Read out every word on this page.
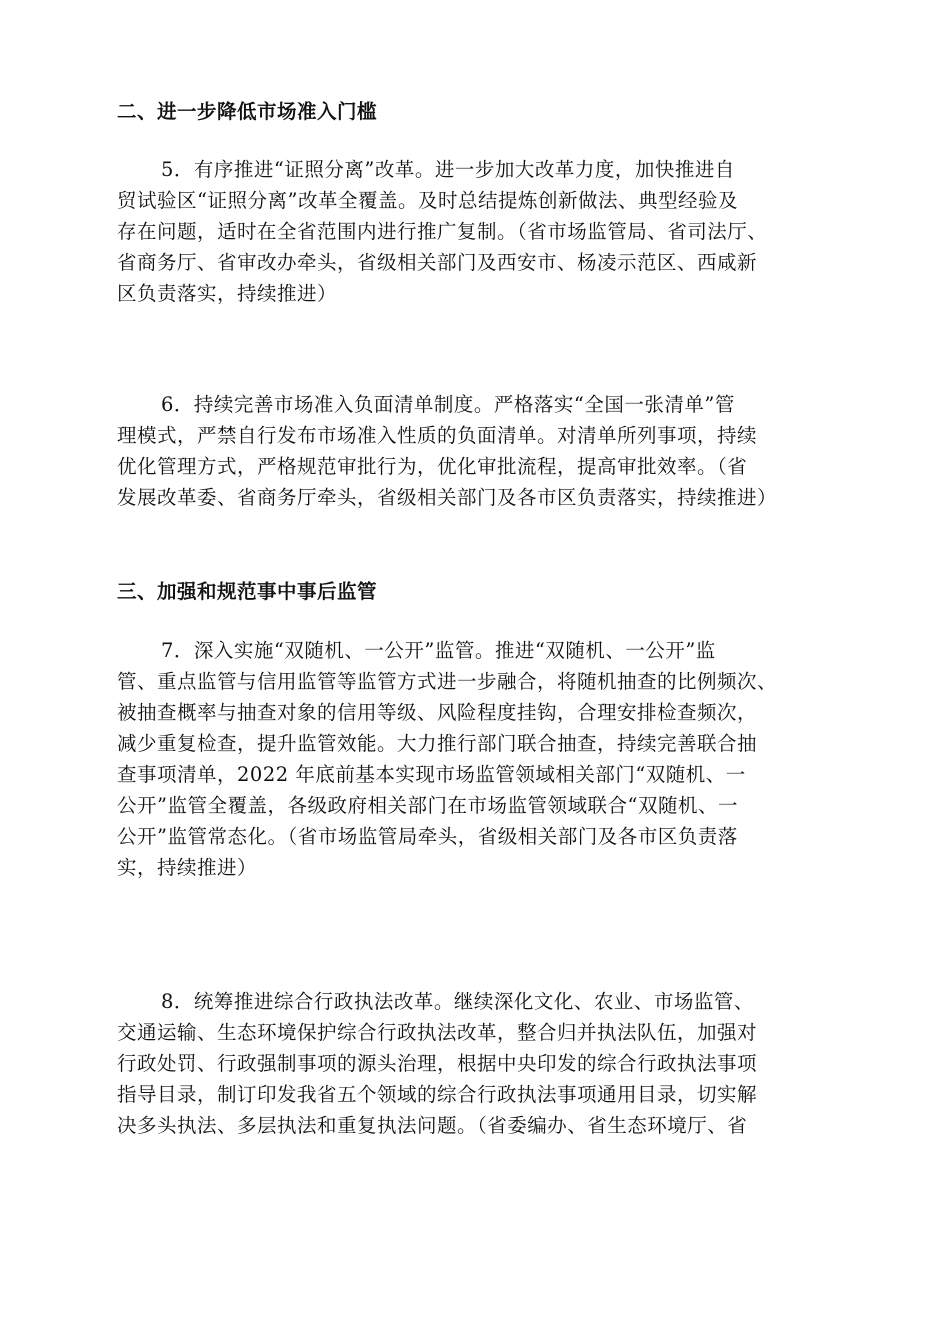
二、进一步降低市场准入门槛
5．有序推进“证照分离”改革。进一步加大改革力度，加快推进自
贸试验区“证照分离”改革全覆盖。及时总结提炼创新做法、典型经验及
存在问题，适时在全省范围内进行推广复制。（省市场监管局、省司法厅、
省商务厅、省审改办牵头，省级相关部门及西安市、杨凌示范区、西咸新
区负责落实，持续推进）
6．持续完善市场准入负面清单制度。严格落实“全国一张清单”管
理模式，严禁自行发布市场准入性质的负面清单。对清单所列事项，持续
优化管理方式，严格规范审批行为，优化审批流程，提高审批效率。（省
发展改革委、省商务厅牵头，省级相关部门及各市区负责落实，持续推进）
三、加强和规范事中事后监管
7．深入实施“双随机、一公开”监管。推进“双随机、一公开”监
管、重点监管与信用监管等监管方式进一步融合，将随机抽查的比例频次、
被抽查概率与抽查对象的信用等级、风险程度挂钩，合理安排检查频次，
减少重复检查，提升监管效能。大力推行部门联合抽查，持续完善联合抽
查事项清单，2022 年底前基本实现市场监管领域相关部门“双随机、一
公开”监管全覆盖，各级政府相关部门在市场监管领域联合“双随机、一
公开”监管常态化。（省市场监管局牵头，省级相关部门及各市区负责落
实，持续推进）
8．统筹推进综合行政执法改革。继续深化文化、农业、市场监管、
交通运输、生态环境保护综合行政执法改革，整合归并执法队伍，加强对
行政处罚、行政强制事项的源头治理，根据中央印发的综合行政执法事项
指导目录，制订印发我省五个领域的综合行政执法事项通用目录，切实解
决多头执法、多层执法和重复执法问题。（省委编办、省生态环境厅、省
